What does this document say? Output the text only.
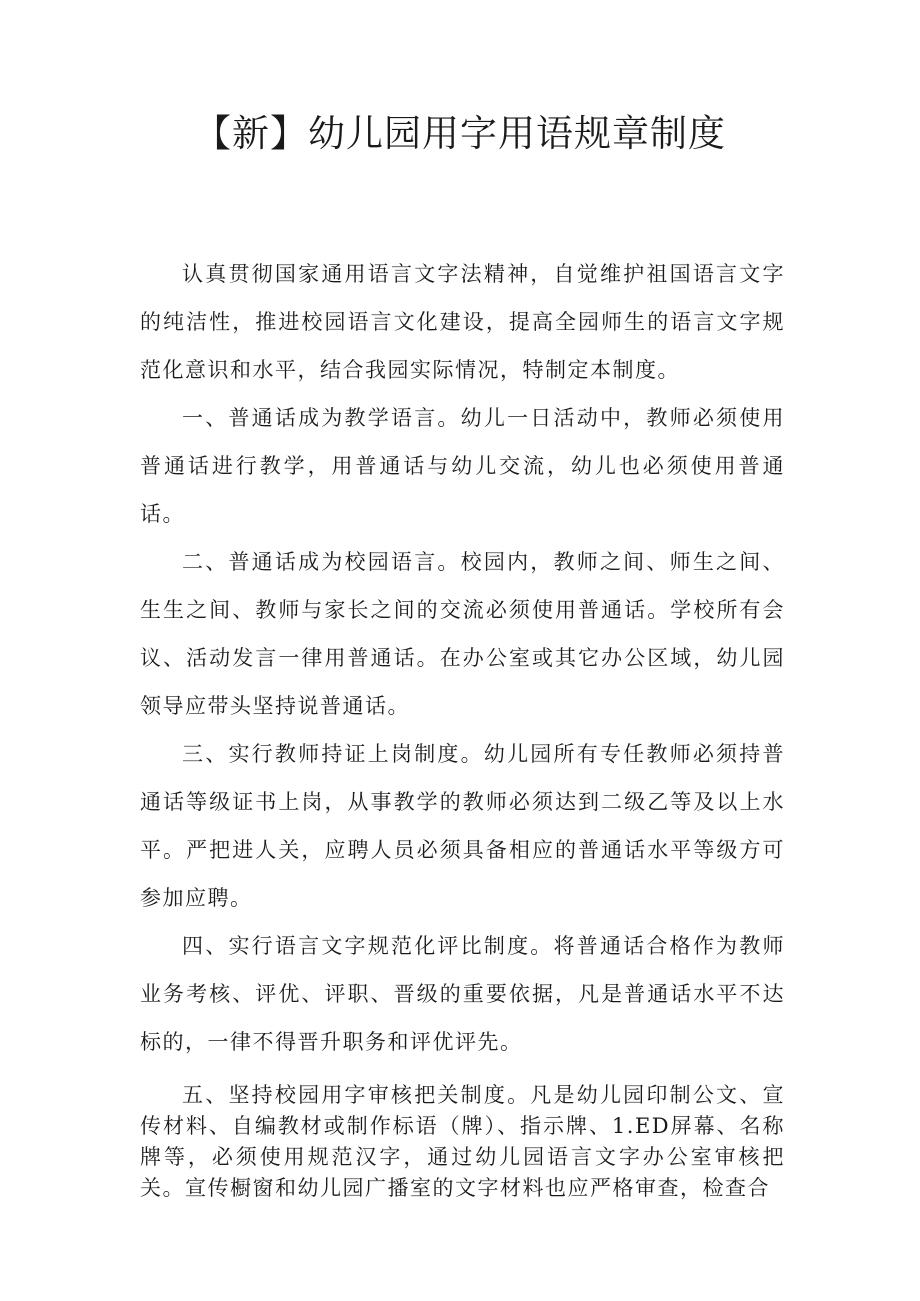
【新】幼儿园用字用语规章制度

认真贯彻国家通用语言文字法精神，自觉维护祖国语言文字的纯洁性，推进校园语言文化建设，提高全园师生的语言文字规范化意识和水平，结合我园实际情况，特制定本制度。

一、普通话成为教学语言。幼儿一日活动中，教师必须使用普通话进行教学，用普通话与幼儿交流，幼儿也必须使用普通话。

二、普通话成为校园语言。校园内，教师之间、师生之间、生生之间、教师与家长之间的交流必须使用普通话。学校所有会议、活动发言一律用普通话。在办公室或其它办公区域，幼儿园领导应带头坚持说普通话。

三、实行教师持证上岗制度。幼儿园所有专任教师必须持普通话等级证书上岗，从事教学的教师必须达到二级乙等及以上水平。严把进人关，应聘人员必须具备相应的普通话水平等级方可参加应聘。

四、实行语言文字规范化评比制度。将普通话合格作为教师业务考核、评优、评职、晋级的重要依据，凡是普通话水平不达标的，一律不得晋升职务和评优评先。

五、坚持校园用字审核把关制度。凡是幼儿园印制公文、宣传材料、自编教材或制作标语（牌）、指示牌、1.ED屏幕、名称牌等，必须使用规范汉字，通过幼儿园语言文字办公室审核把关。宣传橱窗和幼儿园广播室的文字材料也应严格审查，检查合
